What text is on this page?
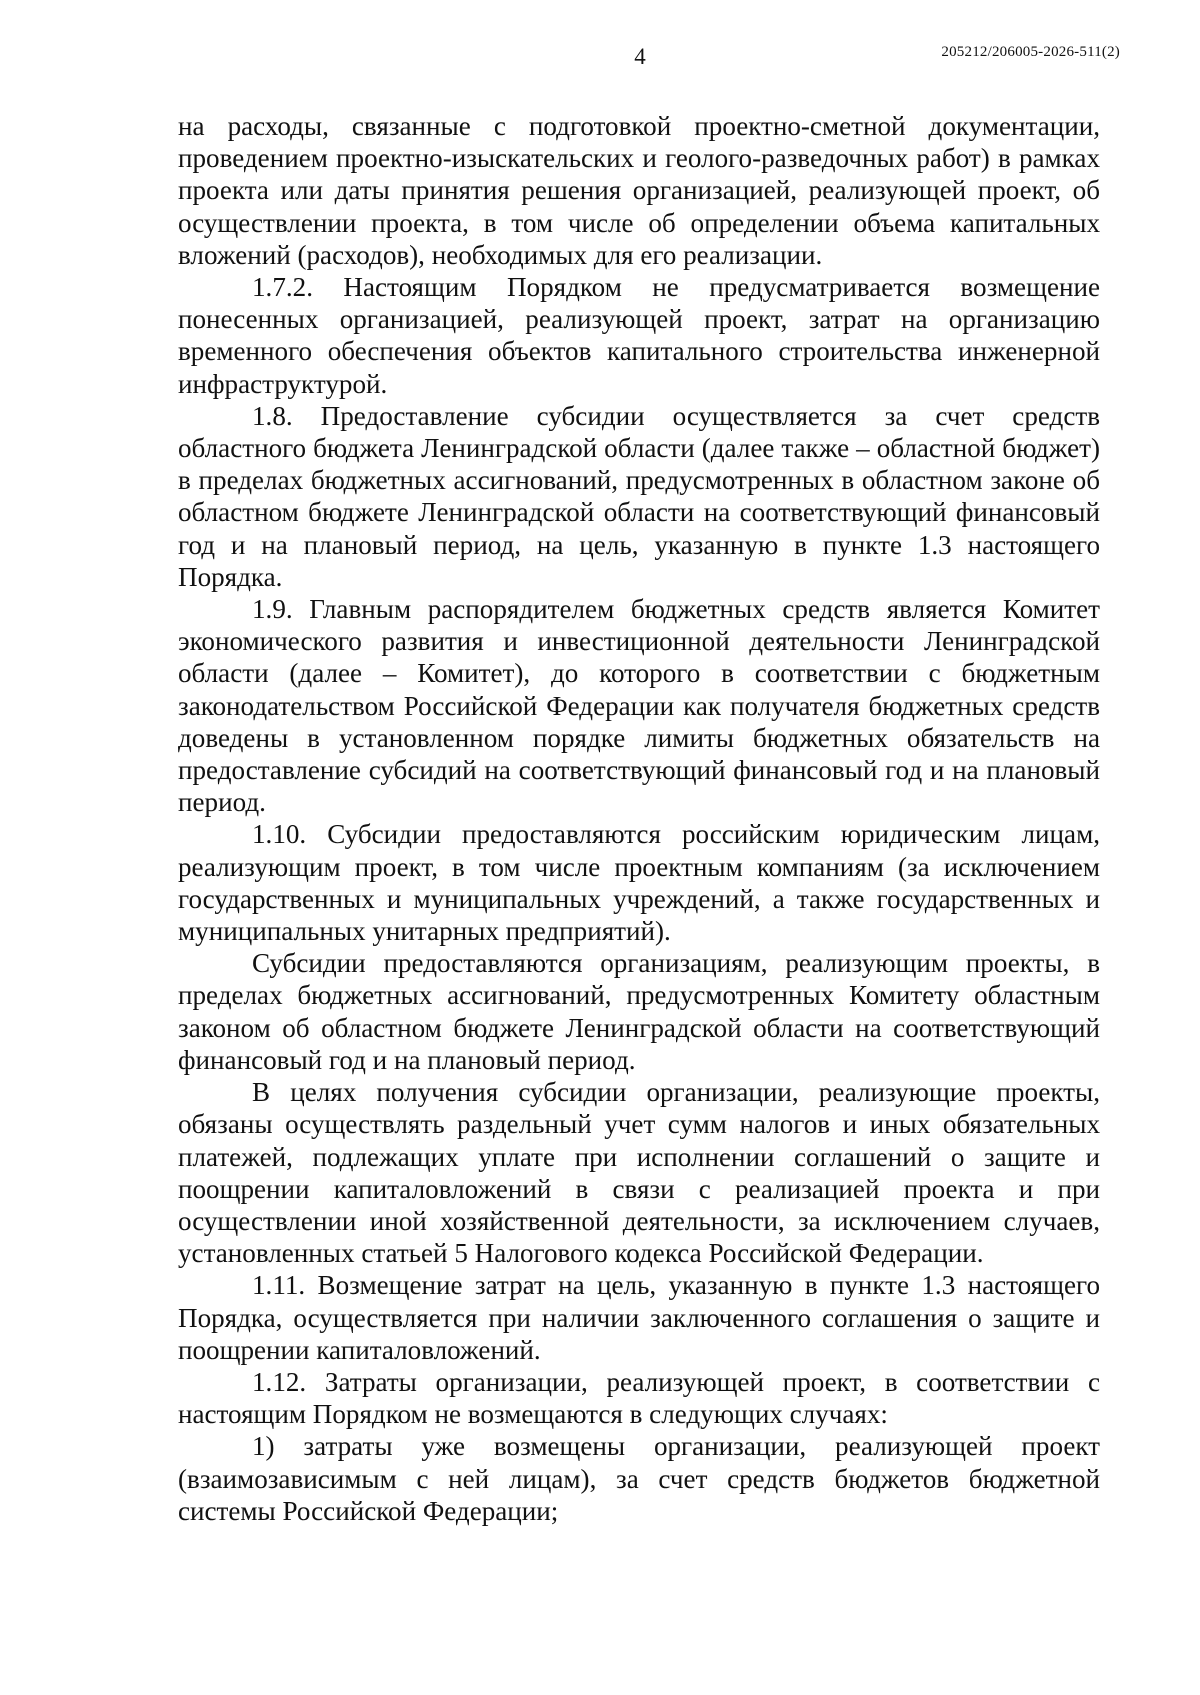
4	205212/206005-2026-511(2)

на расходы, связанные с подготовкой проектно-сметной документации, проведением проектно-изыскательских и геолого-разведочных работ) в рамках проекта или даты принятия решения организацией, реализующей проект, об осуществлении проекта, в том числе об определении объема капитальных вложений (расходов), необходимых для его реализации.

1.7.2. Настоящим Порядком не предусматривается возмещение понесенных организацией, реализующей проект, затрат на организацию временного обеспечения объектов капитального строительства инженерной инфраструктурой.

1.8. Предоставление субсидии осуществляется за счет средств областного бюджета Ленинградской области (далее также – областной бюджет) в пределах бюджетных ассигнований, предусмотренных в областном законе об областном бюджете Ленинградской области на соответствующий финансовый год и на плановый период, на цель, указанную в пункте 1.3 настоящего Порядка.

1.9. Главным распорядителем бюджетных средств является Комитет экономического развития и инвестиционной деятельности Ленинградской области (далее – Комитет), до которого в соответствии с бюджетным законодательством Российской Федерации как получателя бюджетных средств доведены в установленном порядке лимиты бюджетных обязательств на предоставление субсидий на соответствующий финансовый год и на плановый период.

1.10. Субсидии предоставляются российским юридическим лицам, реализующим проект, в том числе проектным компаниям (за исключением государственных и муниципальных учреждений, а также государственных и муниципальных унитарных предприятий).

Субсидии предоставляются организациям, реализующим проекты, в пределах бюджетных ассигнований, предусмотренных Комитету областным законом об областном бюджете Ленинградской области на соответствующий финансовый год и на плановый период.

В целях получения субсидии организации, реализующие проекты, обязаны осуществлять раздельный учет сумм налогов и иных обязательных платежей, подлежащих уплате при исполнении соглашений о защите и поощрении капиталовложений в связи с реализацией проекта и при осуществлении иной хозяйственной деятельности, за исключением случаев, установленных статьей 5 Налогового кодекса Российской Федерации.

1.11. Возмещение затрат на цель, указанную в пункте 1.3 настоящего Порядка, осуществляется при наличии заключенного соглашения о защите и поощрении капиталовложений.

1.12. Затраты организации, реализующей проект, в соответствии с настоящим Порядком не возмещаются в следующих случаях:

1) затраты уже возмещены организации, реализующей проект (взаимозависимым с ней лицам), за счет средств бюджетов бюджетной системы Российской Федерации;
